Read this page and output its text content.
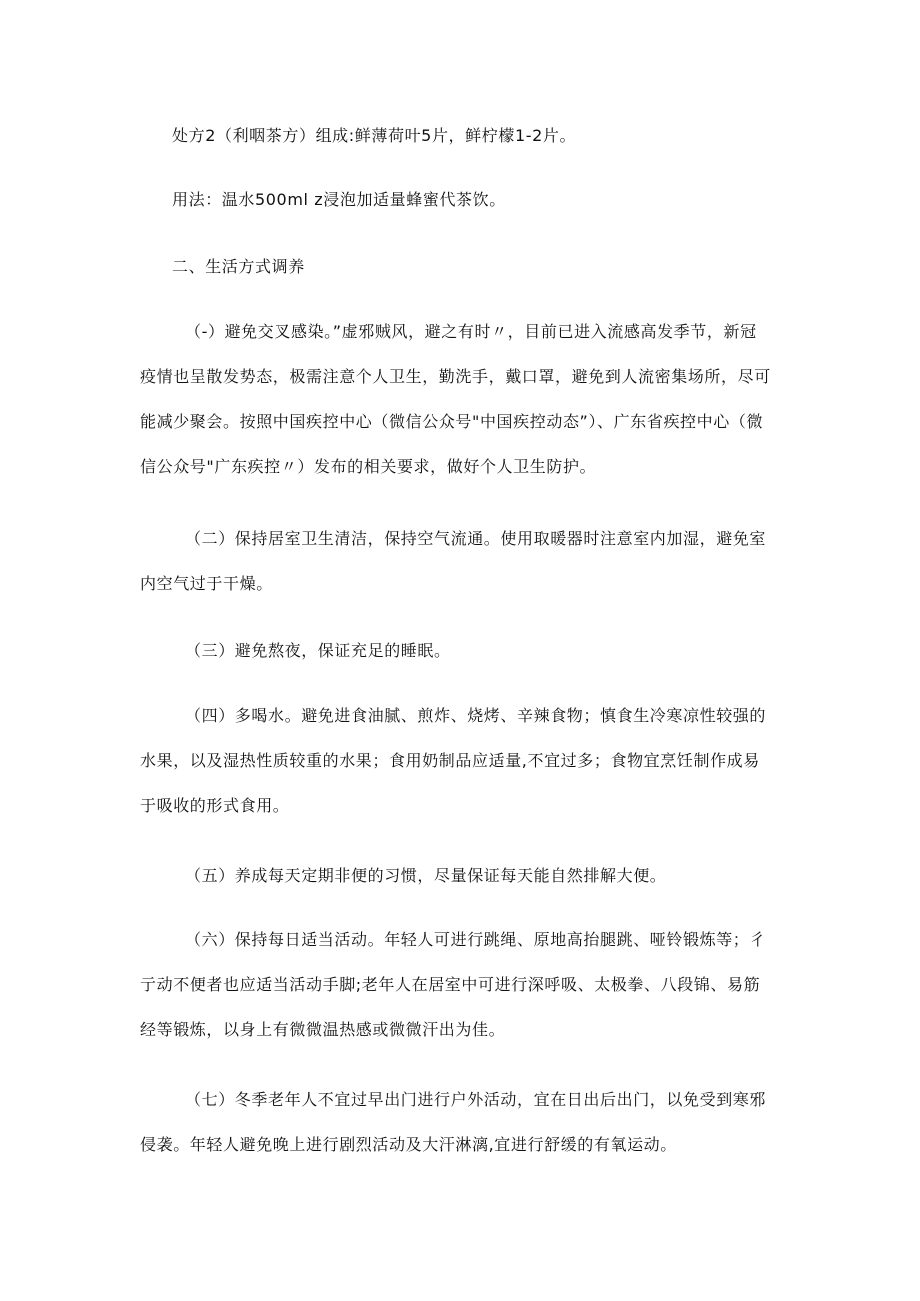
处方2（利咽茶方）组成:鲜薄荷叶5片，鲜柠檬1-2片。

用法：温水500ml z浸泡加适量蜂蜜代茶饮。

二、生活方式调养

（-）避免交叉感染。”虚邪贼风，避之有时〃，目前已进入流感高发季节，新冠
疫情也呈散发势态，极需注意个人卫生，勤洗手，戴口罩，避免到人流密集场所，尽可
能减少聚会。按照中国疾控中心（微信公众号"中国疾控动态”）、广东省疾控中心（微
信公众号"广东疾控〃）发布的相关要求，做好个人卫生防护。
（二）保持居室卫生清洁，保持空气流通。使用取暖器时注意室内加湿，避免室
内空气过于干燥。
（三）避免熬夜，保证充足的睡眠。
（四）多喝水。避免进食油腻、煎炸、烧烤、辛辣食物；慎食生冷寒凉性较强的
水果，以及湿热性质较重的水果；食用奶制品应适量,不宜过多；食物宜烹饪制作成易
于吸收的形式食用。
（五）养成每天定期非便的习惯，尽量保证每天能自然排解大便。
（六）保持每日适当活动。年轻人可进行跳绳、原地高抬腿跳、哑铃锻炼等；彳
亍动不便者也应适当活动手脚;老年人在居室中可进行深呼吸、太极拳、八段锦、易筋
经等锻炼，以身上有微微温热感或微微汗出为佳。
（七）冬季老年人不宜过早出门进行户外活动，宜在日出后出门，以免受到寒邪
侵袭。年轻人避免晚上进行剧烈活动及大汗淋漓,宜进行舒缓的有氧运动。
